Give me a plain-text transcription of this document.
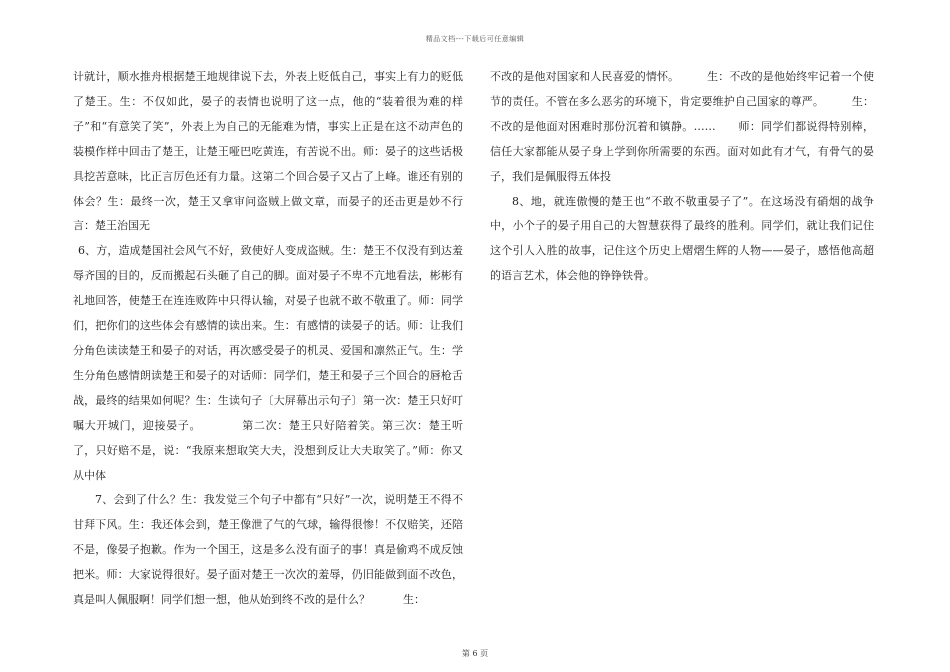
精品文档---下载后可任意编辑

计就计，顺水推舟根据楚王地规律说下去，外表上贬低自己，事实上有力的贬低了楚王。生：不仅如此，晏子的表情也说明了这一点，他的“装着很为难的样子”和“有意笑了笑”，外表上为自己的无能难为情，事实上正是在这不动声色的装模作样中回击了楚王，让楚王哑巴吃黄连，有苦说不出。师：晏子的这些话极具挖苦意味，比正言厉色还有力量。这第二个回合晏子又占了上峰。谁还有别的体会？生：最终一次，楚王又拿审问盗贼上做文章，而晏子的还击更是妙不行言：楚王治国无

6、方，造成楚国社会风气不好，致使好人变成盗贼。生：楚王不仅没有到达羞辱齐国的目的，反而搬起石头砸了自己的脚。面对晏子不卑不亢地看法，彬彬有礼地回答，使楚王在连连败阵中只得认输，对晏子也就不敢不敬重了。师：同学们，把你们的这些体会有感情的读出来。生：有感情的读晏子的话。师：让我们分角色读读楚王和晏子的对话，再次感受晏子的机灵、爱国和凛然正气。生：学生分角色感情朗读楚王和晏子的对话师：同学们，楚王和晏子三个回合的唇枪舌战，最终的结果如何呢？生：生读句子〔大屏幕出示句子〕第一次：楚王只好叮嘱大开城门，迎接晏子。　　　　第二次：楚王只好陪着笑。第三次：楚王听了，只好赔不是，说：“我原来想取笑大夫，没想到反让大夫取笑了。”师：你又从中体

7、会到了什么？生：我发觉三个句子中都有“只好”一次，说明楚王不得不甘拜下风。生：我还体会到，楚王像泄了气的气球，输得很惨！不仅赔笑，还陪不是，像晏子抱歉。作为一个国王，这是多么没有面子的事！真是偷鸡不成反蚀把米。师：大家说得很好。晏子面对楚王一次次的羞辱，仍旧能做到面不改色，真是叫人佩服啊！同学们想一想，他从始到终不改的是什么？　　　生：

不改的是他对国家和人民喜爱的情怀。　　　生：不改的是他始终牢记着一个使节的责任。不管在多么恶劣的环境下，肯定要维护自己国家的尊严。　　　生：不改的是他面对困难时那份沉着和镇静。……　　师：同学们都说得特别棒，信任大家都能从晏子身上学到你所需要的东西。面对如此有才气，有骨气的晏子，我们是佩服得五体投

8、地，就连傲慢的楚王也“不敢不敬重晏子了”。在这场没有硝烟的战争中，小个子的晏子用自己的大智慧获得了最终的胜利。同学们，就让我们记住这个引人入胜的故事，记住这个历史上熠熠生辉的人物——晏子，感悟他高超的语言艺术，体会他的铮铮铁骨。

第 6 页
